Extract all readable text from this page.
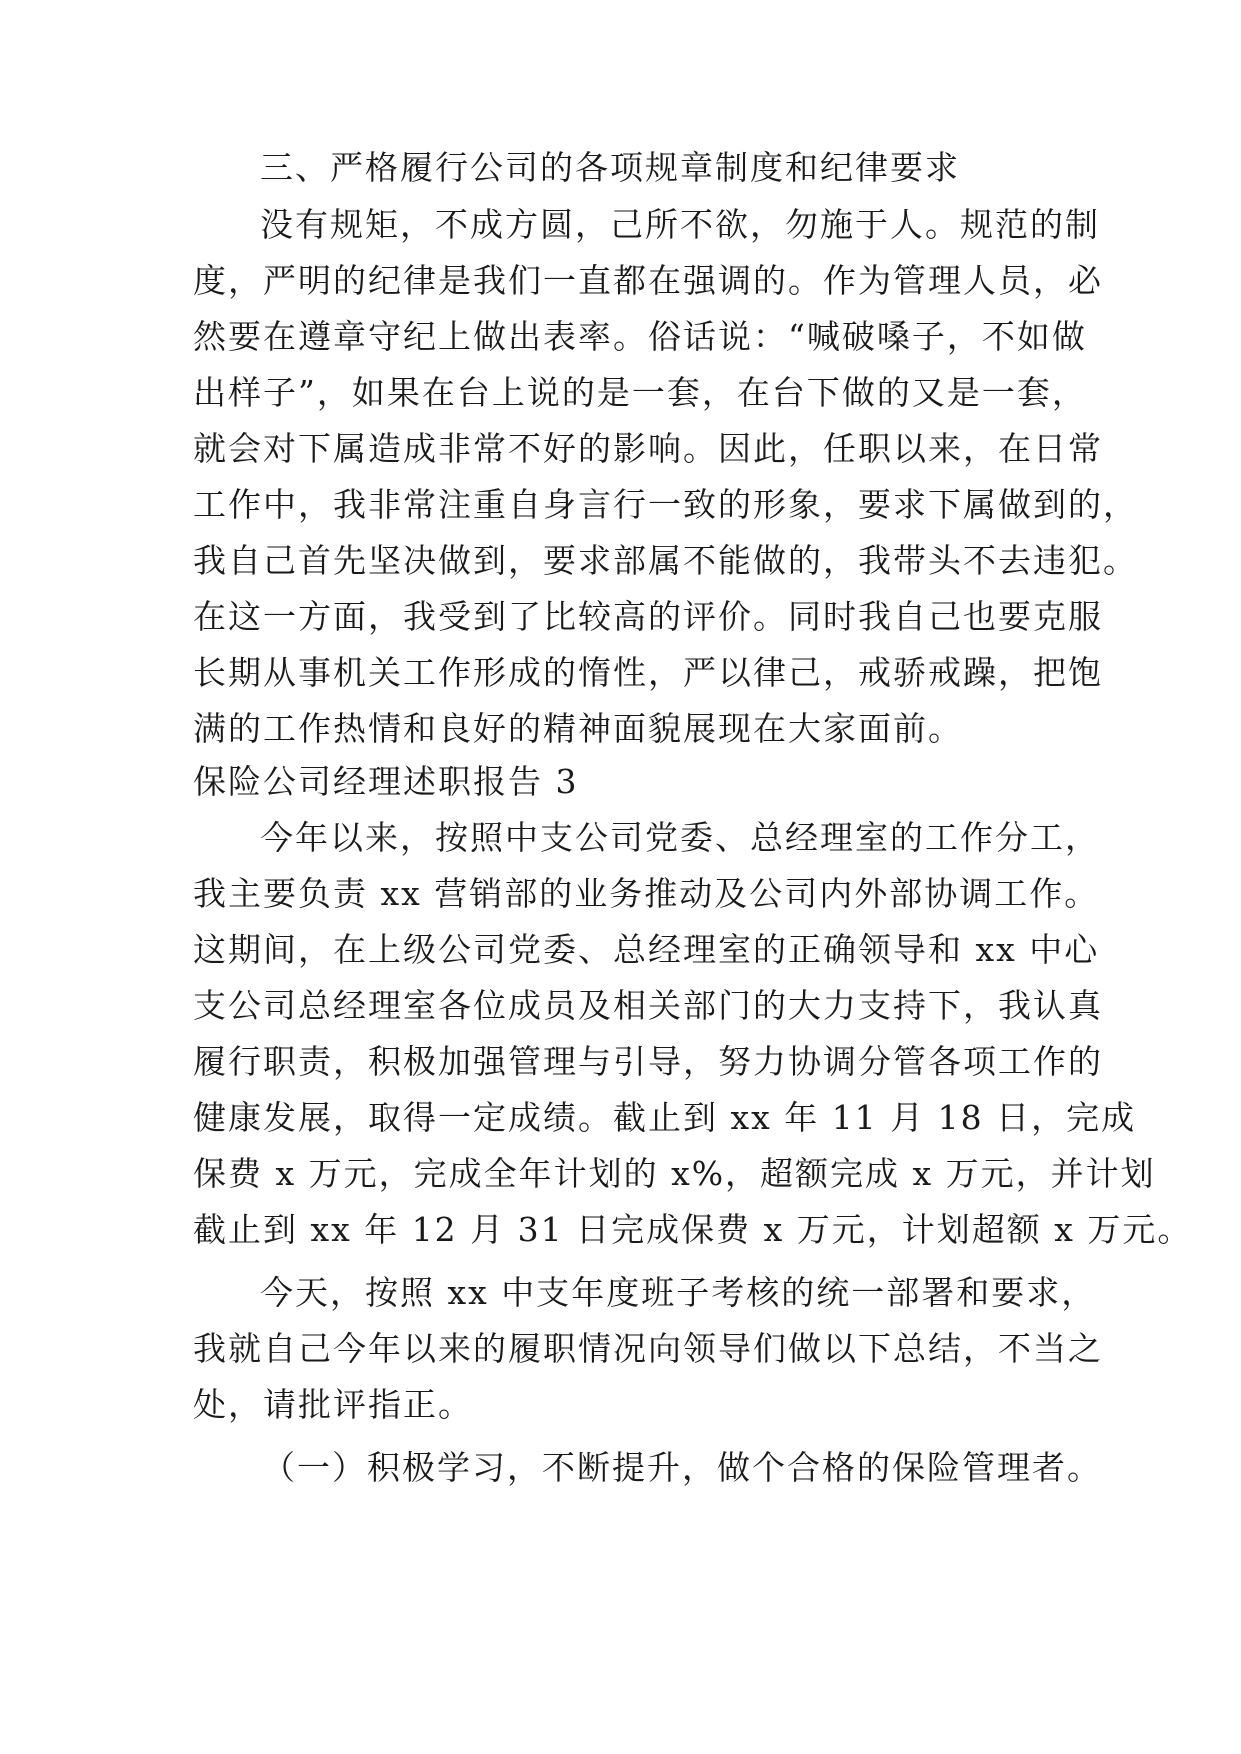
三、严格履行公司的各项规章制度和纪律要求
没有规矩，不成方圆，己所不欲，勿施于人。规范的制
度，严明的纪律是我们一直都在强调的。作为管理人员，必
然要在遵章守纪上做出表率。俗话说：“喊破嗓子，不如做
出样子”，如果在台上说的是一套，在台下做的又是一套，
就会对下属造成非常不好的影响。因此，任职以来，在日常
工作中，我非常注重自身言行一致的形象，要求下属做到的，
我自己首先坚决做到，要求部属不能做的，我带头不去违犯。
在这一方面，我受到了比较高的评价。同时我自己也要克服
长期从事机关工作形成的惰性，严以律己，戒骄戒躁，把饱
满的工作热情和良好的精神面貌展现在大家面前。
保险公司经理述职报告 3
今年以来，按照中支公司党委、总经理室的工作分工，
我主要负责 xx 营销部的业务推动及公司内外部协调工作。
这期间，在上级公司党委、总经理室的正确领导和 xx 中心
支公司总经理室各位成员及相关部门的大力支持下，我认真
履行职责，积极加强管理与引导，努力协调分管各项工作的
健康发展，取得一定成绩。截止到 xx 年 11 月 18 日，完成
保费 x 万元，完成全年计划的 x%，超额完成 x 万元，并计划
截止到 xx 年 12 月 31 日完成保费 x 万元，计划超额 x 万元。
今天，按照 xx 中支年度班子考核的统一部署和要求，
我就自己今年以来的履职情况向领导们做以下总结，不当之
处，请批评指正。
（一）积极学习，不断提升，做个合格的保险管理者。
